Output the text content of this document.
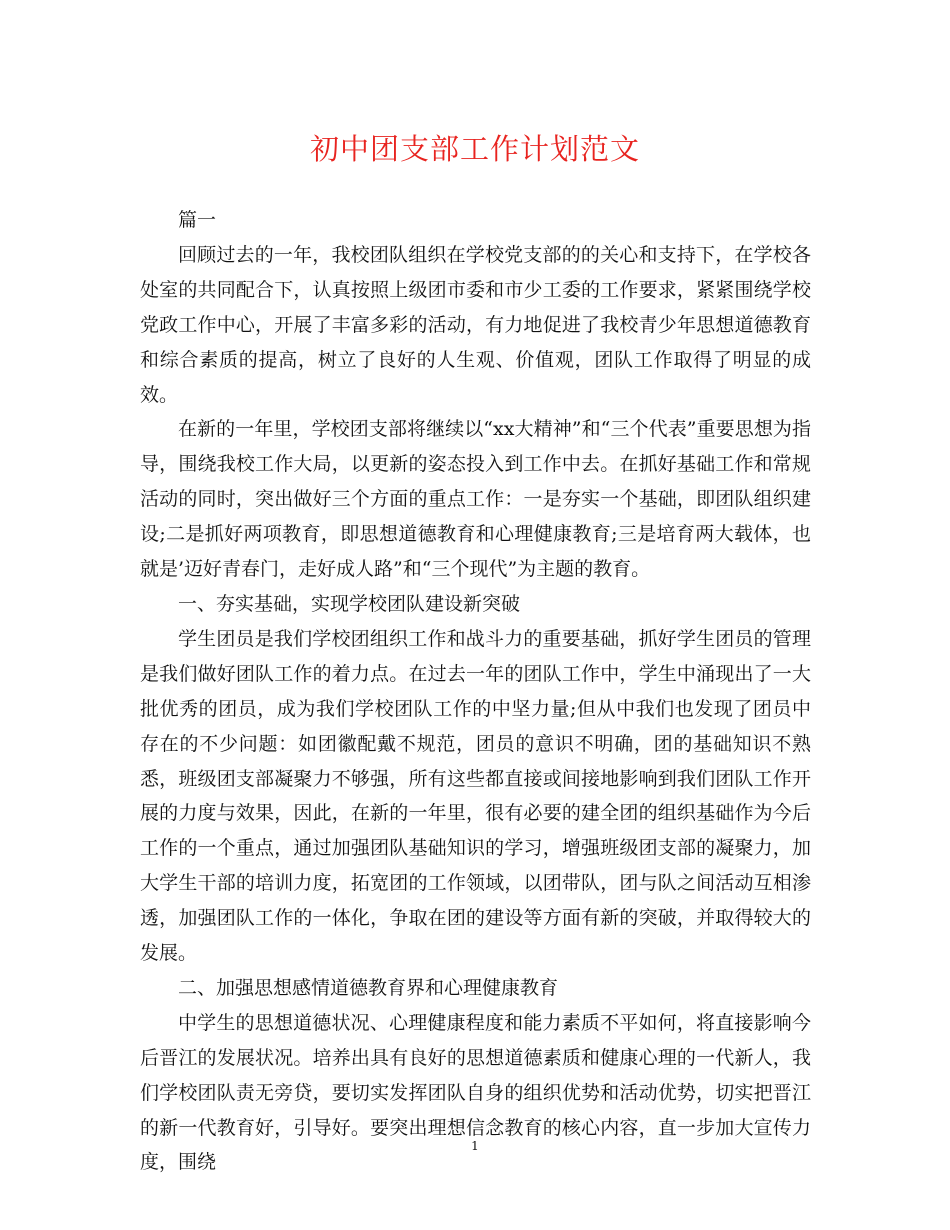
初中团支部工作计划范文

篇一

回顾过去的一年，我校团队组织在学校党支部的的关心和支持下，在学校各处室的共同配合下，认真按照上级团市委和市少工委的工作要求，紧紧围绕学校党政工作中心，开展了丰富多彩的活动，有力地促进了我校青少年思想道德教育和综合素质的提高，树立了良好的人生观、价值观，团队工作取得了明显的成效。

在新的一年里，学校团支部将继续以“xx大精神”和“三个代表”重要思想为指导，围绕我校工作大局，以更新的姿态投入到工作中去。在抓好基础工作和常规活动的同时，突出做好三个方面的重点工作：一是夯实一个基础，即团队组织建设;二是抓好两项教育，即思想道德教育和心理健康教育;三是培育两大载体，也就是’迈好青春门，走好成人路”和“三个现代”为主题的教育。

一、夯实基础，实现学校团队建设新突破

学生团员是我们学校团组织工作和战斗力的重要基础，抓好学生团员的管理是我们做好团队工作的着力点。在过去一年的团队工作中，学生中涌现出了一大批优秀的团员，成为我们学校团队工作的中坚力量;但从中我们也发现了团员中存在的不少问题：如团徽配戴不规范，团员的意识不明确，团的基础知识不熟悉，班级团支部凝聚力不够强，所有这些都直接或间接地影响到我们团队工作开展的力度与效果，因此，在新的一年里，很有必要的建全团的组织基础作为今后工作的一个重点，通过加强团队基础知识的学习，增强班级团支部的凝聚力，加大学生干部的培训力度，拓宽团的工作领域，以团带队，团与队之间活动互相渗透，加强团队工作的一体化，争取在团的建设等方面有新的突破，并取得较大的发展。

二、加强思想感情道德教育界和心理健康教育

中学生的思想道德状况、心理健康程度和能力素质不平如何，将直接影响今后晋江的发展状况。培养出具有良好的思想道德素质和健康心理的一代新人，我们学校团队责无旁贷，要切实发挥团队自身的组织优势和活动优势，切实把晋江的新一代教育好，引导好。要突出理想信念教育的核心内容，直一步加大宣传力度，围绕

1
